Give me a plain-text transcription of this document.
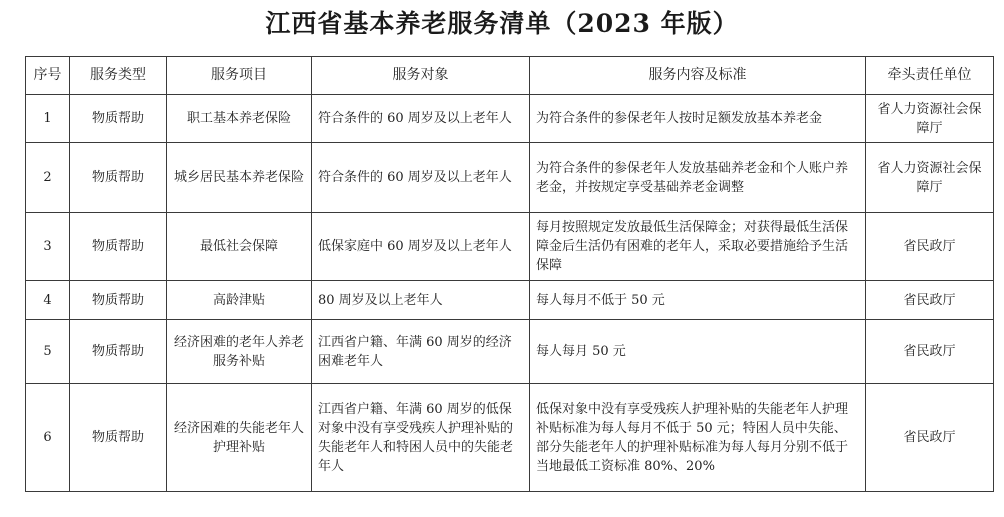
江西省基本养老服务清单（2023 年版）
序号	服务类型	服务项目	服务对象	服务内容及标准	牵头责任单位
1	物质帮助	职工基本养老保险	符合条件的 60 周岁及以上老年人	为符合条件的参保老年人按时足额发放基本养老金	省人力资源社会保障厅
2	物质帮助	城乡居民基本养老保险	符合条件的 60 周岁及以上老年人	为符合条件的参保老年人发放基础养老金和个人账户养老金，并按规定享受基础养老金调整	省人力资源社会保障厅
3	物质帮助	最低社会保障	低保家庭中 60 周岁及以上老年人	每月按照规定发放最低生活保障金；对获得最低生活保障金后生活仍有困难的老年人，采取必要措施给予生活保障	省民政厅
4	物质帮助	高龄津贴	80 周岁及以上老年人	每人每月不低于 50 元	省民政厅
5	物质帮助	经济困难的老年人养老服务补贴	江西省户籍、年满 60 周岁的经济困难老年人	每人每月 50 元	省民政厅
6	物质帮助	经济困难的失能老年人护理补贴	江西省户籍、年满 60 周岁的低保对象中没有享受残疾人护理补贴的失能老年人和特困人员中的失能老年人	低保对象中没有享受残疾人护理补贴的失能老年人护理补贴标准为每人每月不低于 50 元；特困人员中失能、部分失能老年人的护理补贴标准为每人每月分别不低于当地最低工资标准 80%、20%	省民政厅
